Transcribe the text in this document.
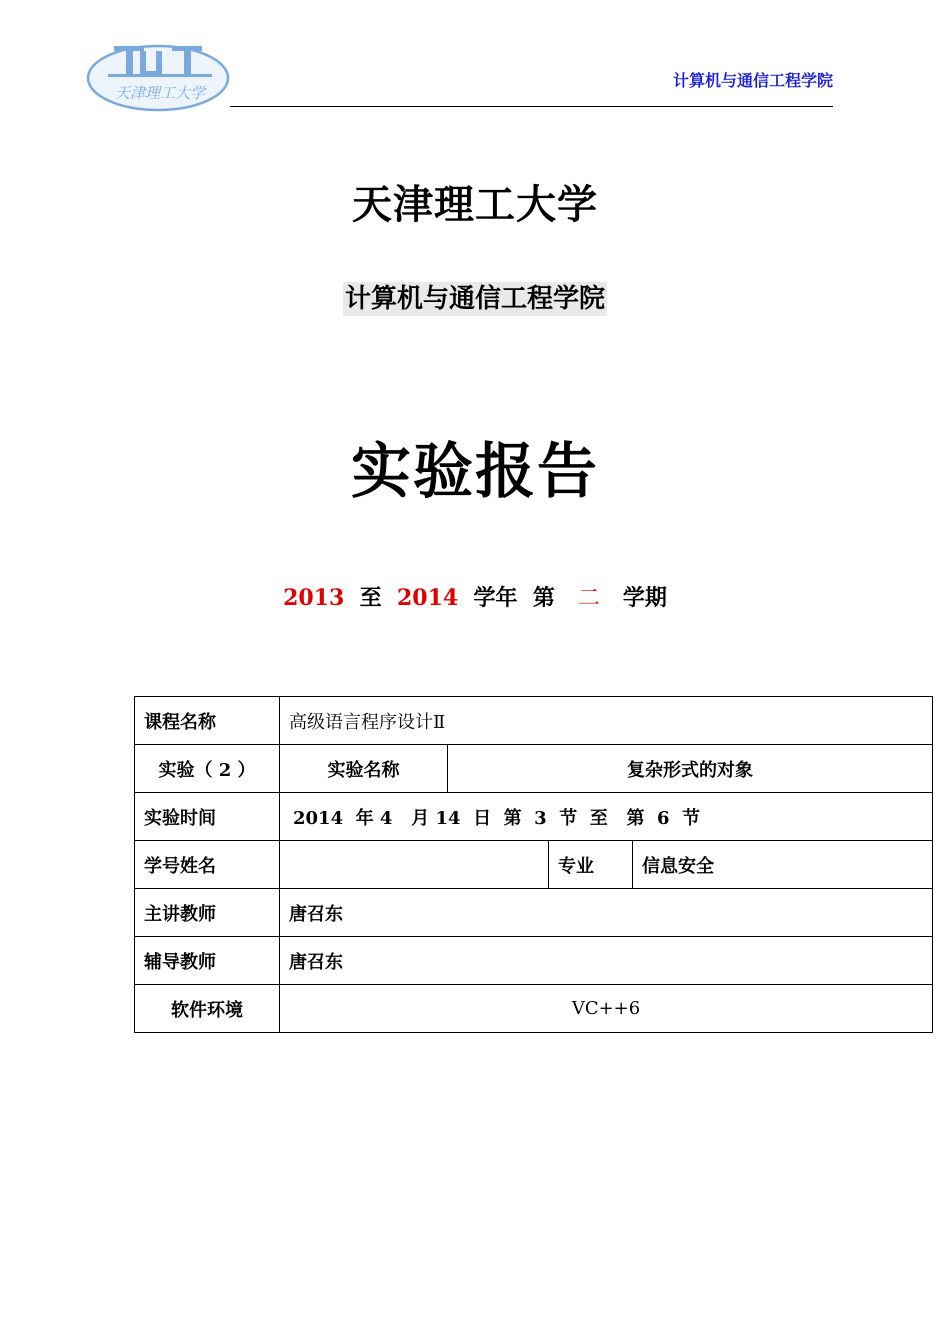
天津理工大学
计算机与通信工程学院
天津理工大学
计算机与通信工程学院
实验报告
2013 至 2014 学年 第 二 学期
课程名称	高级语言程序设计Ⅱ			
实验（ 2 ）	实验名称	复杂形式的对象		
实验时间	2014  年 4   月 14  日  第  3  节  至   第  6  节			
学号姓名			专业	信息安全
主讲教师	唐召东			
辅导教师	唐召东			
软件环境	VC++6			
